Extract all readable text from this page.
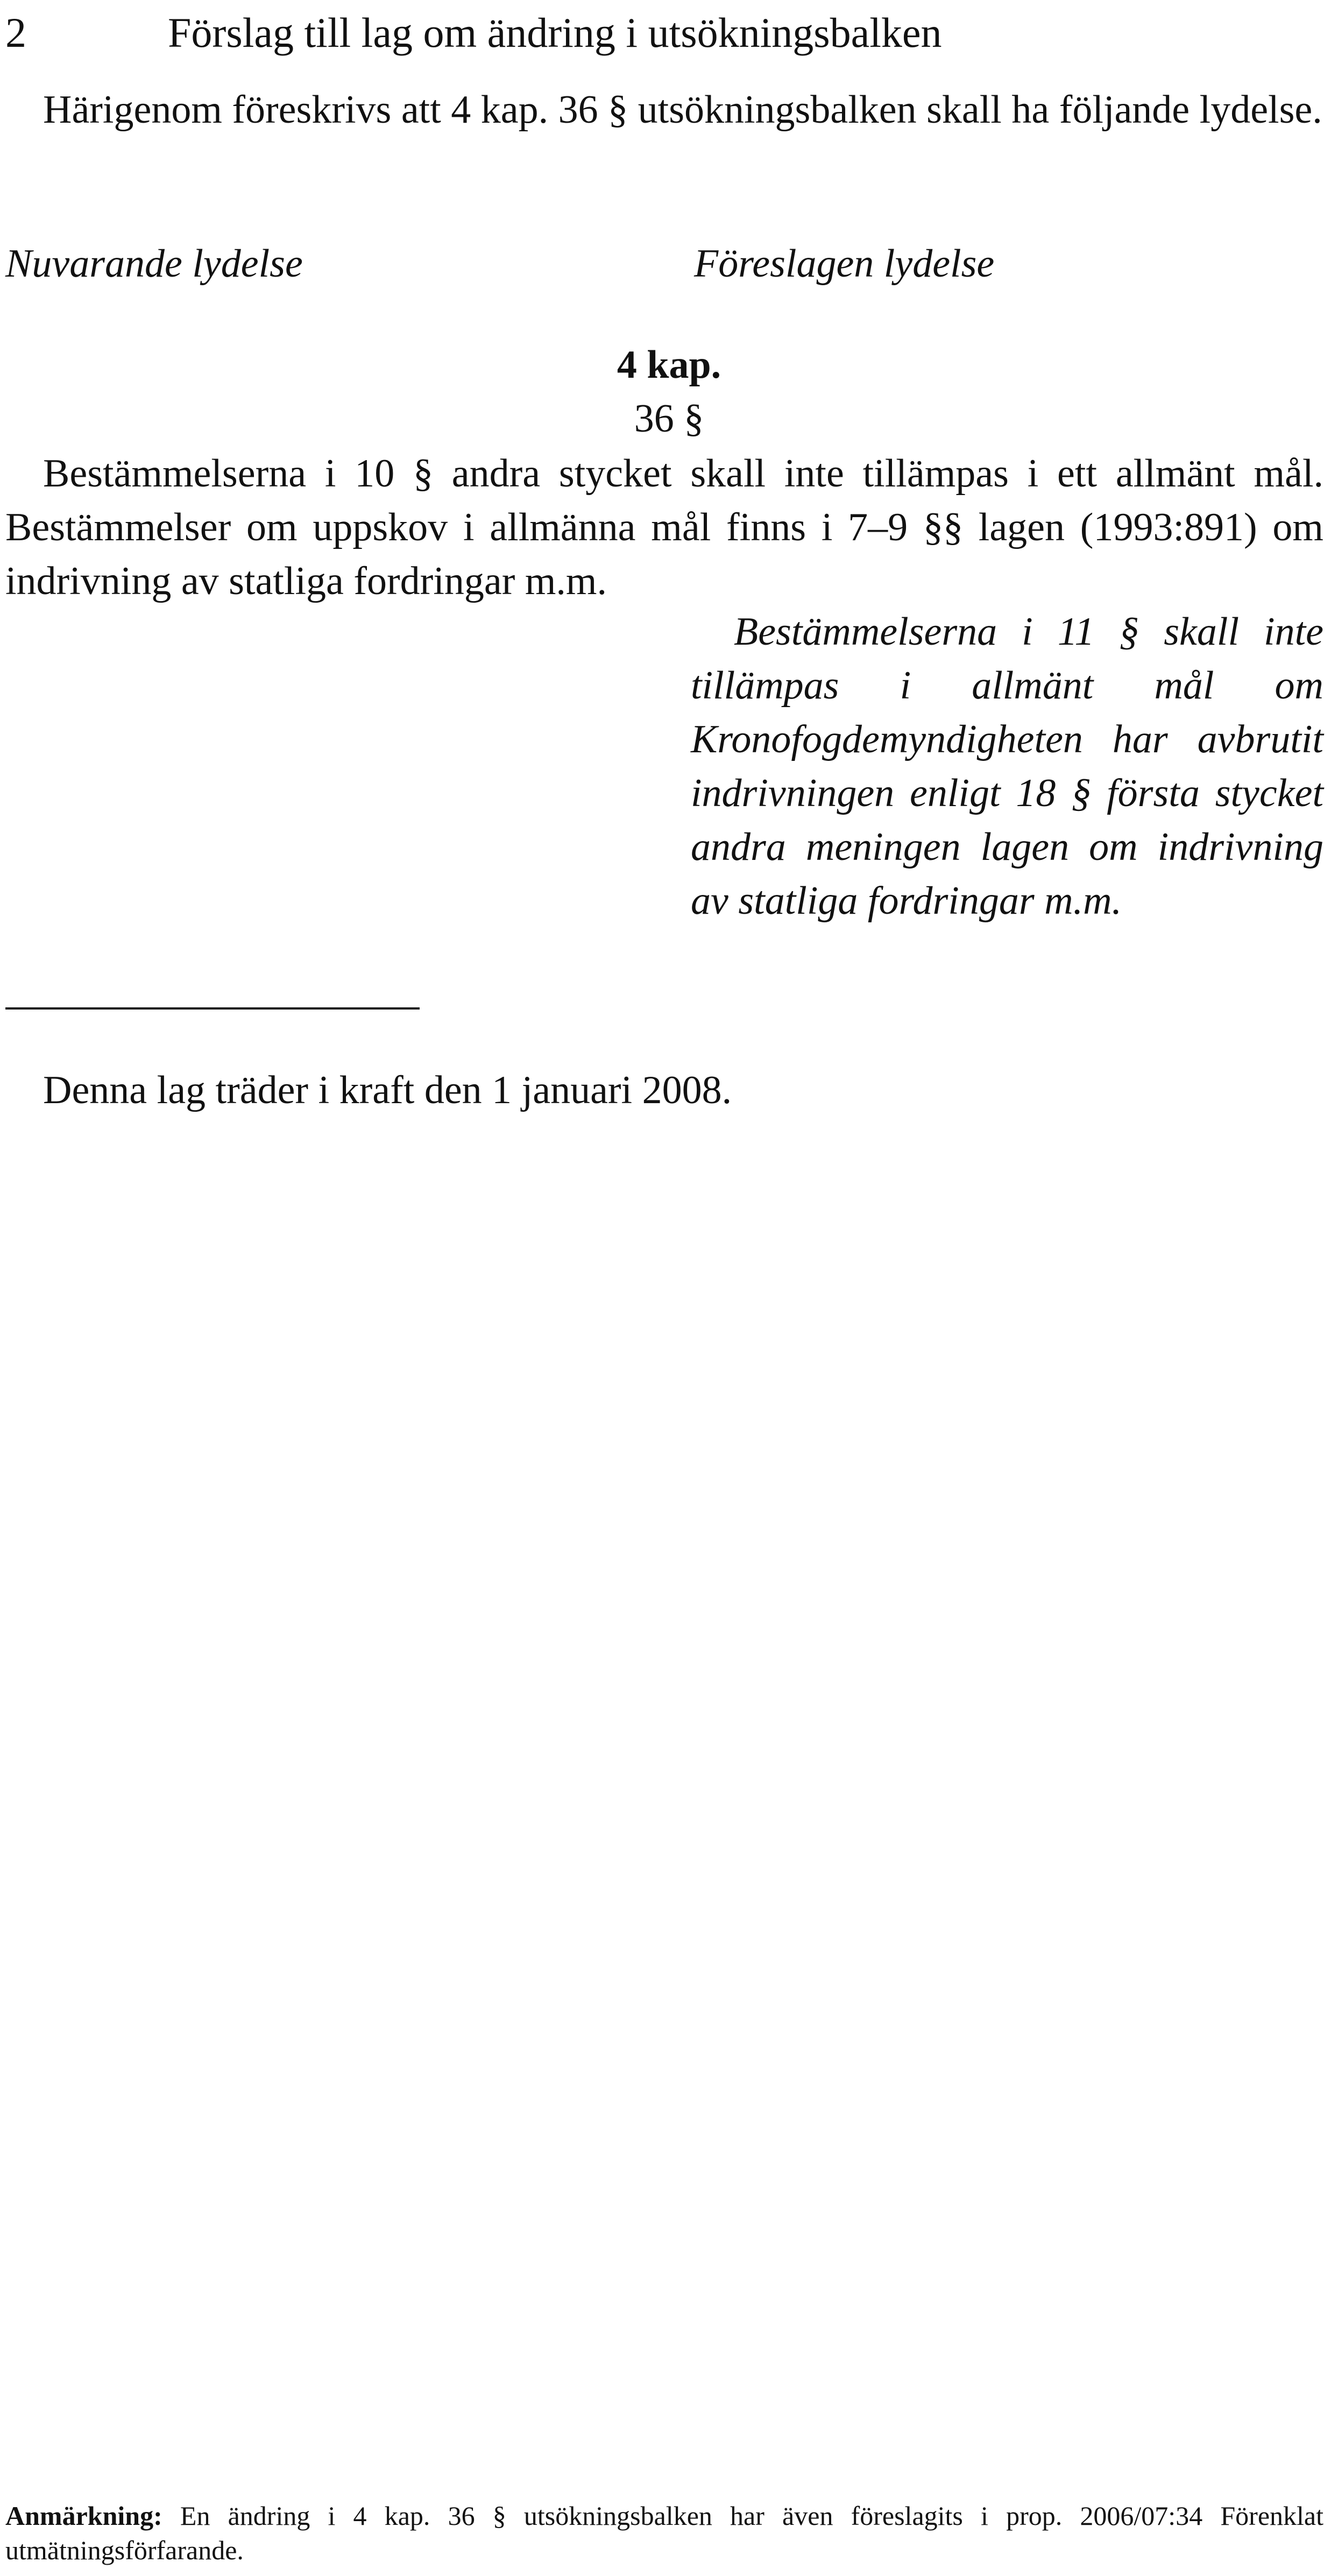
2	Förslag till lag om ändring i utsökningsbalken
Härigenom föreskrivs att 4 kap. 36 § utsökningsbalken skall ha följande lydelse.
Nuvarande lydelse	Föreslagen lydelse
4 kap.
36 §
Bestämmelserna i 10 § andra stycket skall inte tillämpas i ett allmänt mål. Bestämmelser om uppskov i allmänna mål finns i 7–9 §§ lagen (1993:891) om indrivning av statliga fordringar m.m.
Bestämmelserna i 11 § skall inte tillämpas i allmänt mål om Kronofogdemyndigheten har avbrutit indrivningen enligt 18 § första stycket andra meningen lagen om indrivning av statliga fordringar m.m.
Denna lag träder i kraft den 1 januari 2008.
Anmärkning: En ändring i 4 kap. 36 § utsökningsbalken har även föreslagits i prop. 2006/07:34 Förenklat utmätningsförfarande.
